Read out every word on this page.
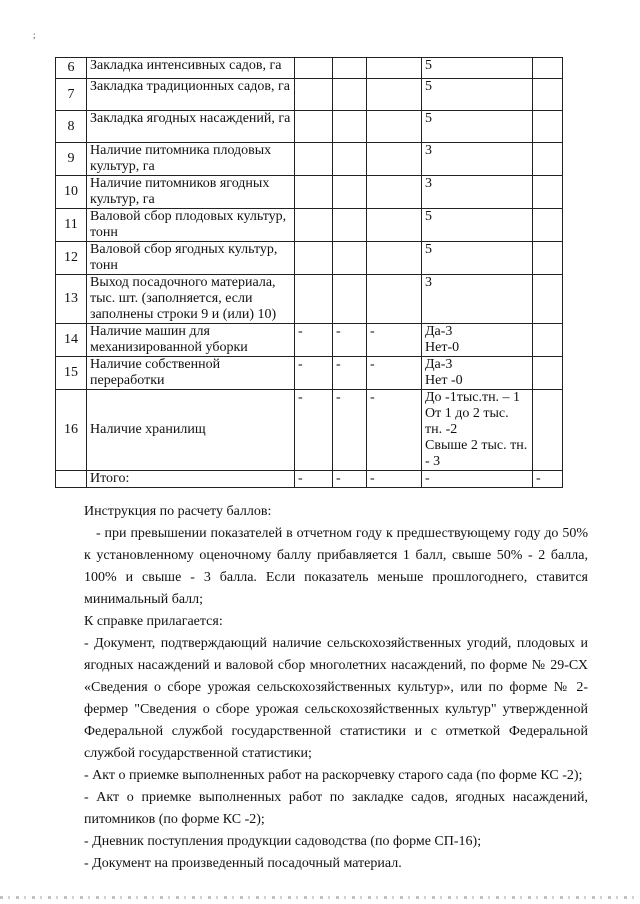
;
6	Закладка интенсивных садов, га				5	
7	Закладка традиционных садов, га				5	
8	Закладка ягодных насаждений, га				5	
9	Наличие питомника плодовых культур, га				3	
10	Наличие питомников ягодных культур, га				3	
11	Валовой сбор плодовых культур, тонн				5	
12	Валовой сбор ягодных культур, тонн				5	
13	Выход посадочного материала, тыс. шт. (заполняется, если заполнены строки 9 и (или) 10)				3	
14	Наличие машин для механизированной уборки	-	-	-	Да-3
Нет-0	
15	Наличие собственной переработки	-	-	-	Да-3
Нет -0	
16	Наличие хранилищ	-	-	-	До -1тыс.тн. – 1
От 1 до 2 тыс. тн. -2
Свыше 2 тыс. тн. - 3	
	Итого:	-	-	-	-	-

Инструкция по расчету баллов:

- при превышении показателей в отчетном году к предшествующему году до 50% к установленному оценочному баллу прибавляется 1 балл, свыше 50% - 2 балла, 100% и свыше - 3 балла. Если показатель меньше прошлогоднего, ставится минимальный балл;

К справке прилагается:

- Документ, подтверждающий наличие сельскохозяйственных угодий, плодовых и ягодных насаждений и валовой сбор многолетних насаждений, по форме № 29-СХ «Сведения о сборе урожая сельскохозяйственных культур», или по форме № 2-фермер "Сведения о сборе урожая сельскохозяйственных культур" утвержденной Федеральной службой государственной статистики и с отметкой Федеральной службой государственной статистики;

- Акт о приемке выполненных работ на раскорчевку старого сада (по форме КС -2);

- Акт о приемке выполненных работ по закладке садов, ягодных насаждений, питомников (по форме КС -2);

- Дневник поступления продукции садоводства (по форме СП-16);

- Документ на произведенный посадочный материал.
